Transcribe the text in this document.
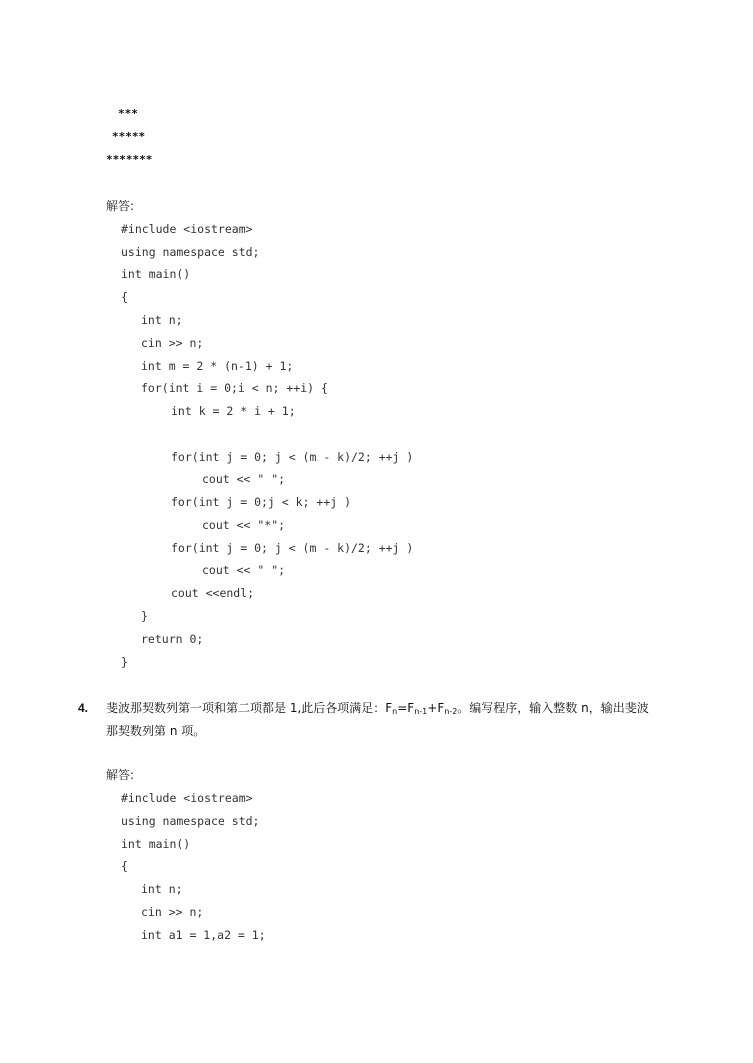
***
*****
*******
解答:
#include <iostream>
using namespace std;
int main()
{
int n;
cin >> n;
int m = 2 * (n-1) + 1;
for(int i = 0;i < n; ++i) {
int k = 2 * i + 1;
for(int j = 0; j < (m - k)/2; ++j )
cout << " ";
for(int j = 0;j < k; ++j )
cout << "*";
for(int j = 0; j < (m - k)/2; ++j )
cout << " ";
cout <<endl;
}
return 0;
}
4. 斐波那契数列第一项和第二项都是 1,此后各项满足：$F_n=F_{n-1}+F_{n-2}$。编写程序，输入整数 n，输出斐波
那契数列第 n 项。
解答:
#include <iostream>
using namespace std;
int main()
{
int n;
cin >> n;
int a1 = 1,a2 = 1;
